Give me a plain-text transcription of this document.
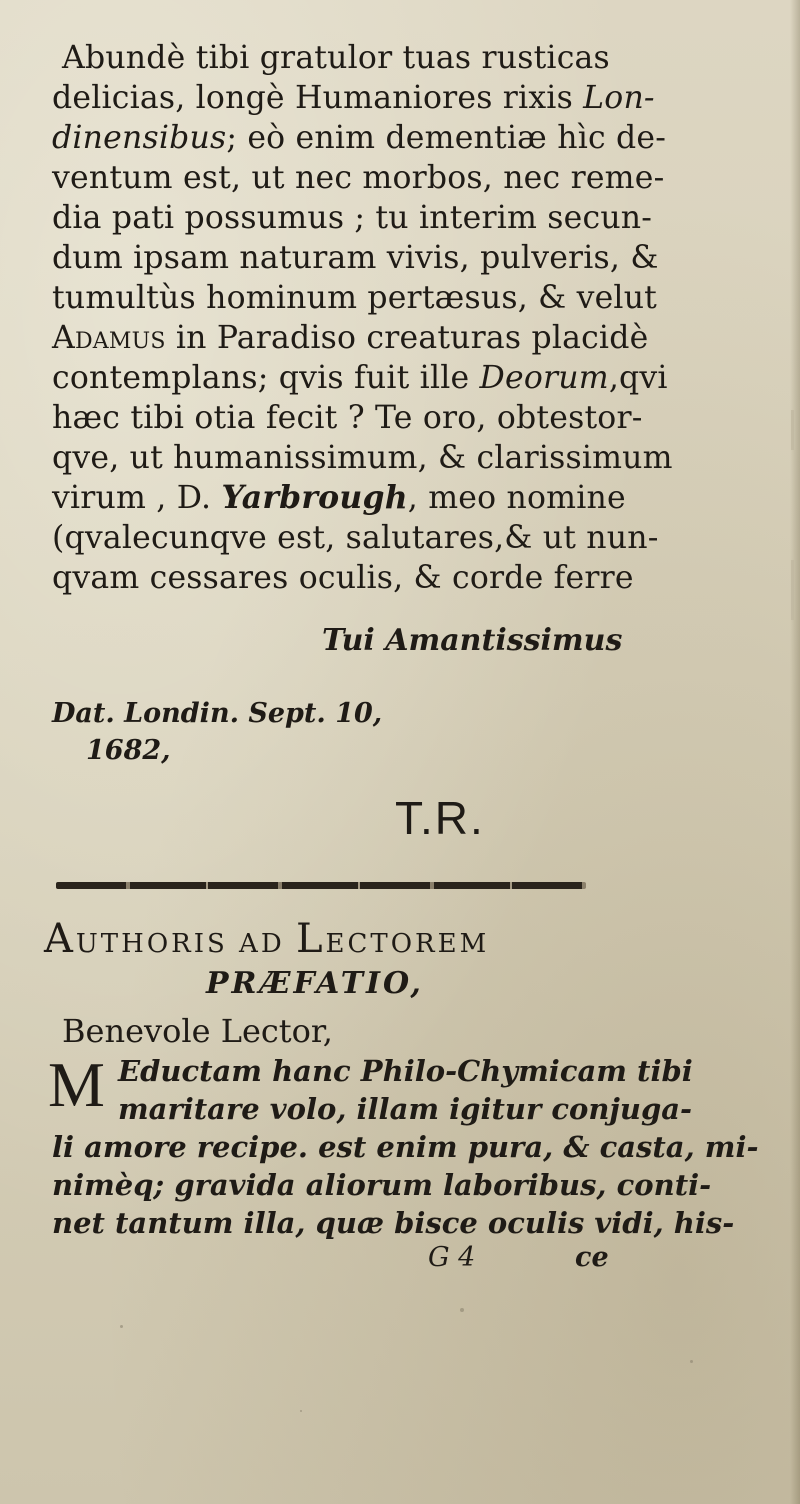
Abundè tibi gratulor tuas rusticas
delicias, longè Humaniores rixis Lon-
dinensibus; eò enim dementiæ hìc de-
ventum est, ut nec morbos, nec reme-
dia pati possumus ; tu interim secun-
dum ipsam naturam vivis, pulveris, &
tumultùs hominum pertæsus, & velut
Adamus in Paradiso creaturas placidè
contemplans; qvis fuit ille Deorum,qvi
hæc tibi otia fecit ? Te oro, obtestor-
qve, ut humanissimum, & clarissimum
virum , D. Yarbrough, meo nomine
(qvalecunqve est, salutares,& ut nun-
qvam cessares oculis, & corde ferre
Tui Amantissimus
Dat. Londin. Sept. 10,
1682,
T.R.
AUTHORIS AD LECTOREM
PRÆFATIO,
Benevole Lector,
M Eductam hanc Philo-Chymicam tibi
maritare volo, illam igitur conjuga-
li amore recipe. est enim pura, & casta, mi-
nimèq; gravida aliorum laboribus, conti-
net tantum illa, quæ bisce oculis vidi, his-
G 4	ce
